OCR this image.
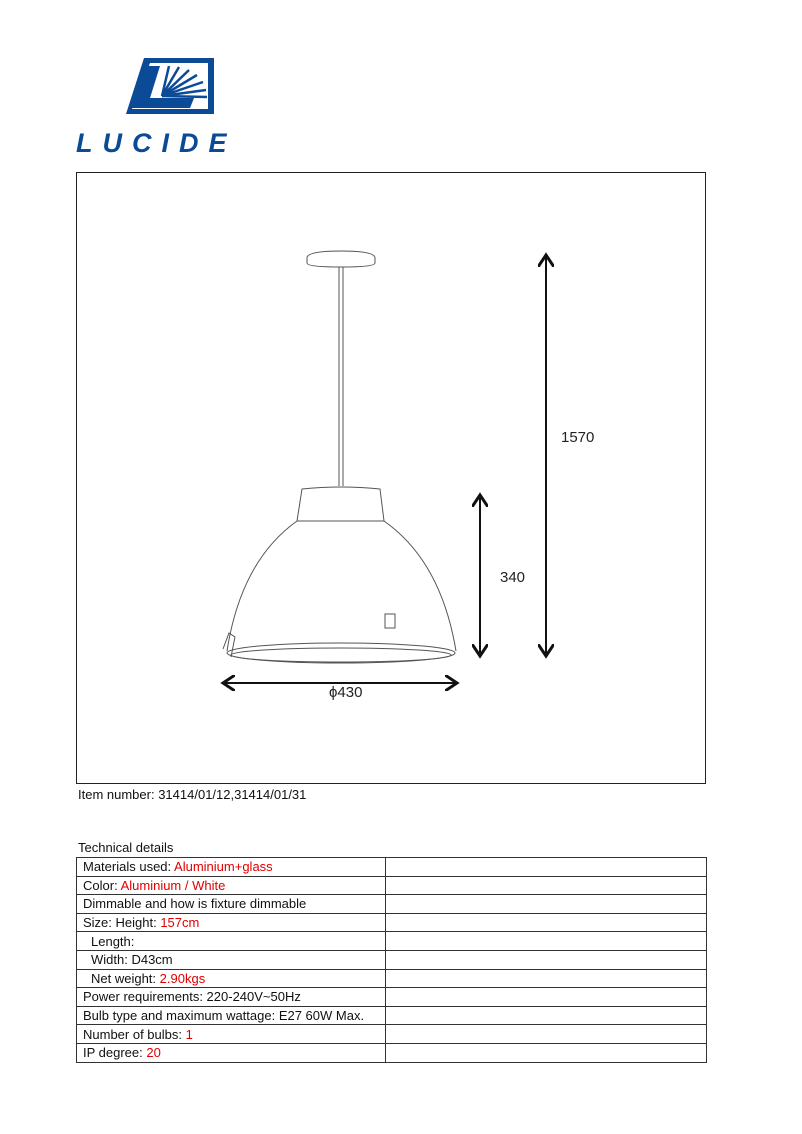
LUCIDE
1570
340
ϕ430
Item number: 31414/01/12,31414/01/31
Technical details
Materials used: Aluminium+glass	
Color: Aluminium / White	
Dimmable and how is fixture dimmable	
Size: Height: 157cm	
Length:	
Width: D43cm	
Net weight: 2.90kgs	
Power requirements: 220-240V~50Hz	
Bulb type and maximum wattage: E27 60W Max.	
Number of bulbs: 1	
IP degree: 20	
